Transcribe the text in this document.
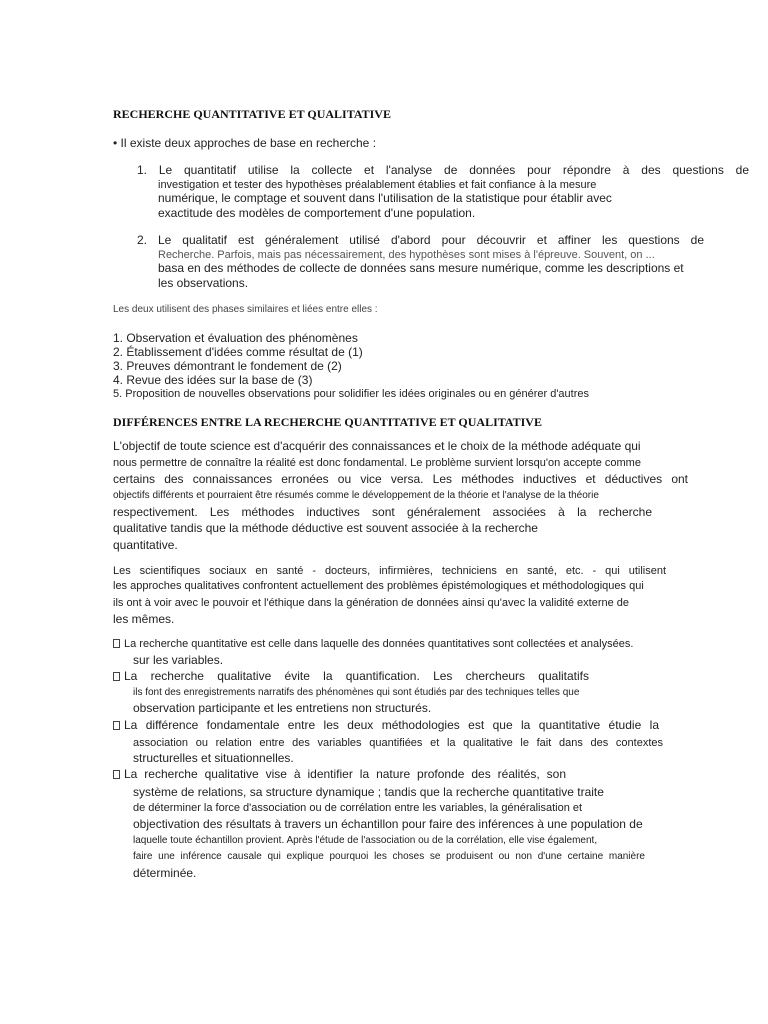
RECHERCHE QUANTITATIVE ET QUALITATIVE
• Il existe deux approches de base en recherche :
1. Le quantitatif utilise la collecte et l'analyse de données pour répondre à des questions de
investigation et tester des hypothèses préalablement établies et fait confiance à la mesure
numérique, le comptage et souvent dans l'utilisation de la statistique pour établir avec
exactitude des modèles de comportement d'une population.
2. Le qualitatif est généralement utilisé d'abord pour découvrir et affiner les questions de
Recherche. Parfois, mais pas nécessairement, des hypothèses sont mises à l'épreuve. Souvent, on ...
basa en des méthodes de collecte de données sans mesure numérique, comme les descriptions et
les observations.
Les deux utilisent des phases similaires et liées entre elles :
1. Observation et évaluation des phénomènes
2. Établissement d'idées comme résultat de (1)
3. Preuves démontrant le fondement de (2)
4. Revue des idées sur la base de (3)
5. Proposition de nouvelles observations pour solidifier les idées originales ou en générer d'autres
DIFFÉRENCES ENTRE LA RECHERCHE QUANTITATIVE ET QUALITATIVE
L'objectif de toute science est d'acquérir des connaissances et le choix de la méthode adéquate qui
nous permettre de connaître la réalité est donc fondamental. Le problème survient lorsqu'on accepte comme
certains des connaissances erronées ou vice versa. Les méthodes inductives et déductives ont
objectifs différents et pourraient être résumés comme le développement de la théorie et l'analyse de la théorie
respectivement. Les méthodes inductives sont généralement associées à la recherche
qualitative tandis que la méthode déductive est souvent associée à la recherche
quantitative.
Les scientifiques sociaux en santé - docteurs, infirmières, techniciens en santé, etc. - qui utilisent
les approches qualitatives confrontent actuellement des problèmes épistémologiques et méthodologiques qui
ils ont à voir avec le pouvoir et l'éthique dans la génération de données ainsi qu'avec la validité externe de
les mêmes.
La recherche quantitative est celle dans laquelle des données quantitatives sont collectées et analysées.
sur les variables.
La recherche qualitative évite la quantification. Les chercheurs qualitatifs
ils font des enregistrements narratifs des phénomènes qui sont étudiés par des techniques telles que
observation participante et les entretiens non structurés.
La différence fondamentale entre les deux méthodologies est que la quantitative étudie la
association ou relation entre des variables quantifiées et la qualitative le fait dans des contextes
structurelles et situationnelles.
La recherche qualitative vise à identifier la nature profonde des réalités, son
système de relations, sa structure dynamique ; tandis que la recherche quantitative traite
de déterminer la force d'association ou de corrélation entre les variables, la généralisation et
objectivation des résultats à travers un échantillon pour faire des inférences à une population de
laquelle toute échantillon provient. Après l'étude de l'association ou de la corrélation, elle vise également,
faire une inférence causale qui explique pourquoi les choses se produisent ou non d'une certaine manière
déterminée.
